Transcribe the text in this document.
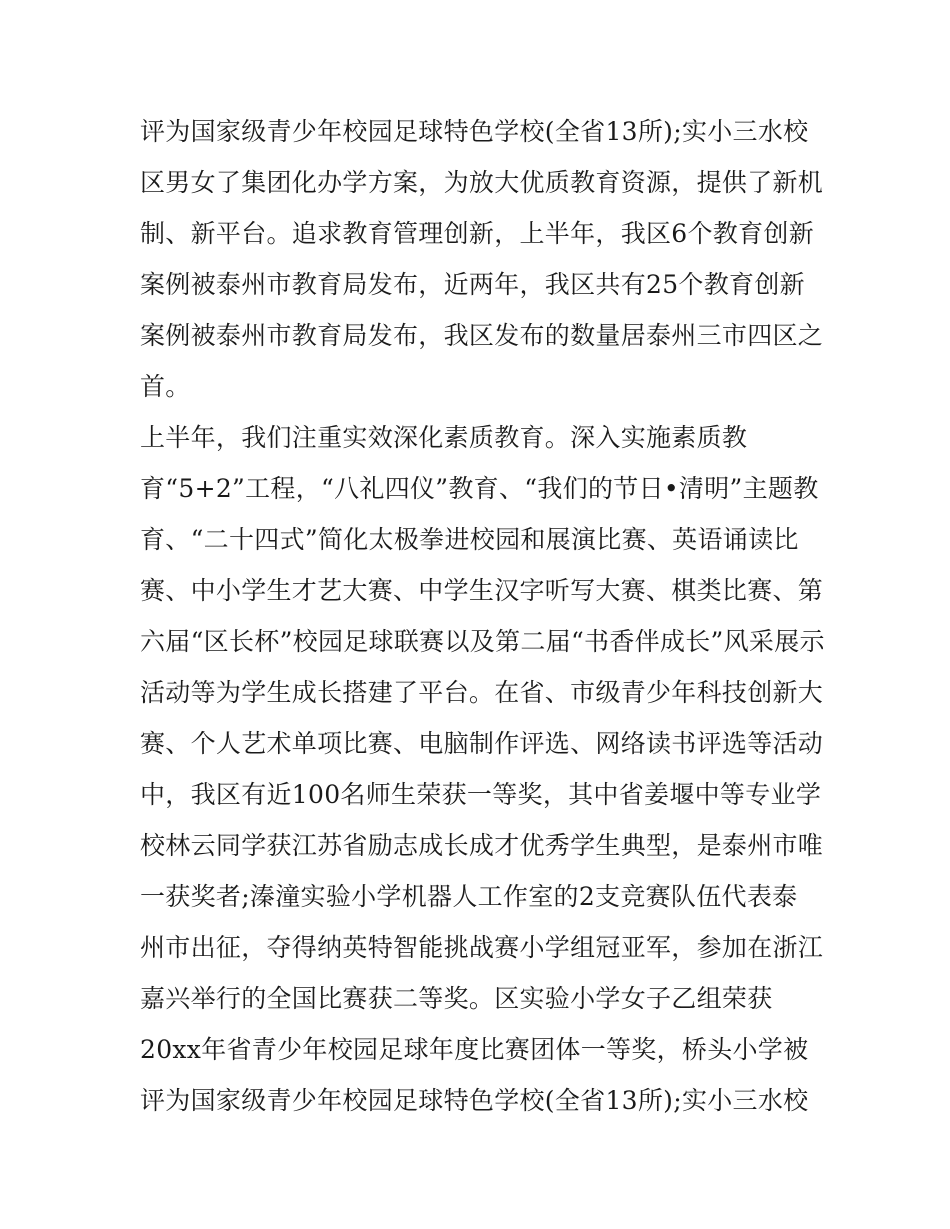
评为国家级青少年校园足球特色学校(全省13所);实小三水校
区男女了集团化办学方案，为放大优质教育资源，提供了新机
制、新平台。追求教育管理创新，上半年，我区6个教育创新
案例被泰州市教育局发布，近两年，我区共有25个教育创新
案例被泰州市教育局发布，我区发布的数量居泰州三市四区之
首。
上半年，我们注重实效深化素质教育。深入实施素质教
育“5+2”工程，“八礼四仪”教育、“我们的节日•清明”主题教
育、“二十四式”简化太极拳进校园和展演比赛、英语诵读比
赛、中小学生才艺大赛、中学生汉字听写大赛、棋类比赛、第
六届“区长杯”校园足球联赛以及第二届“书香伴成长”风采展示
活动等为学生成长搭建了平台。在省、市级青少年科技创新大
赛、个人艺术单项比赛、电脑制作评选、网络读书评选等活动
中，我区有近100名师生荣获一等奖，其中省姜堰中等专业学
校林云同学获江苏省励志成长成才优秀学生典型，是泰州市唯
一获奖者;溱潼实验小学机器人工作室的2支竞赛队伍代表泰
州市出征，夺得纳英特智能挑战赛小学组冠亚军，参加在浙江
嘉兴举行的全国比赛获二等奖。区实验小学女子乙组荣获
20xx年省青少年校园足球年度比赛团体一等奖，桥头小学被
评为国家级青少年校园足球特色学校(全省13所);实小三水校
